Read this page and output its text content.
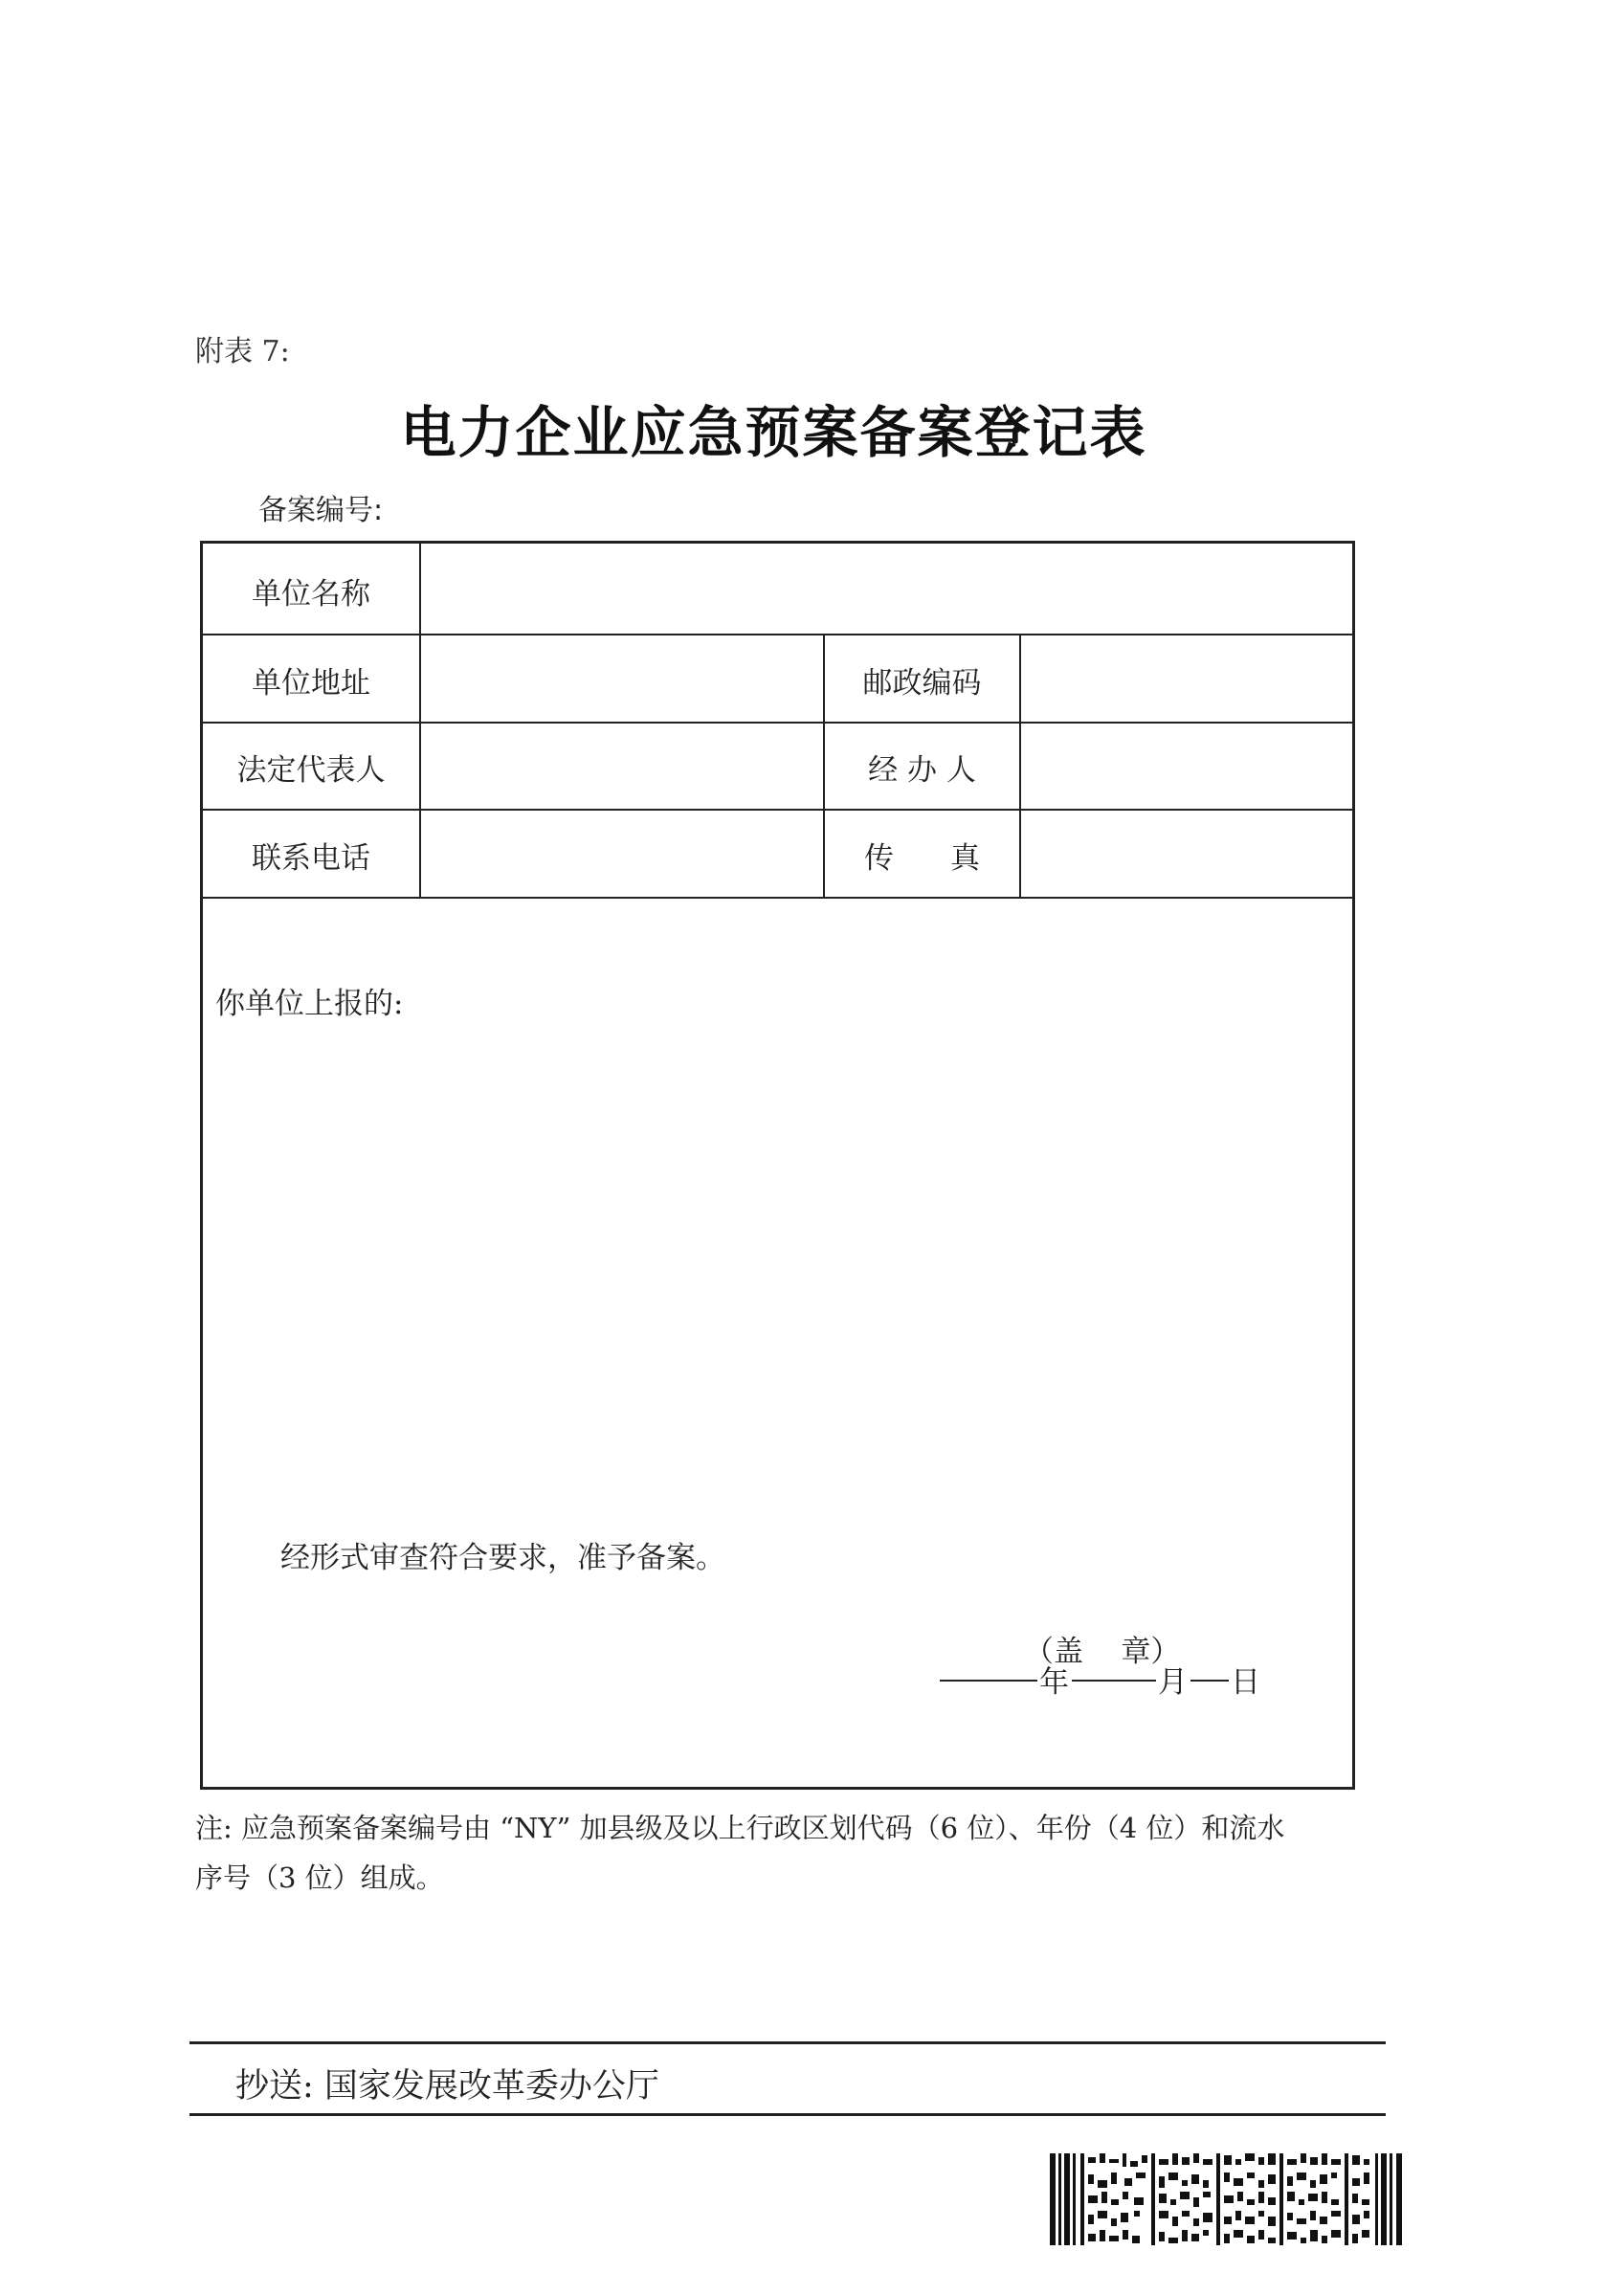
附表 7:
电力企业应急预案备案登记表
备案编号:
单位名称
单位地址	邮政编码
法定代表人	经 办 人
联系电话	传      真
你单位上报的:
经形式审查符合要求，准予备案。
（盖    章）
年	月 日
注: 应急预案备案编号由 “NY” 加县级及以上行政区划代码（6 位）、年份（4 位）和流水
序号（3 位）组成。
抄送: 国家发展改革委办公厅
